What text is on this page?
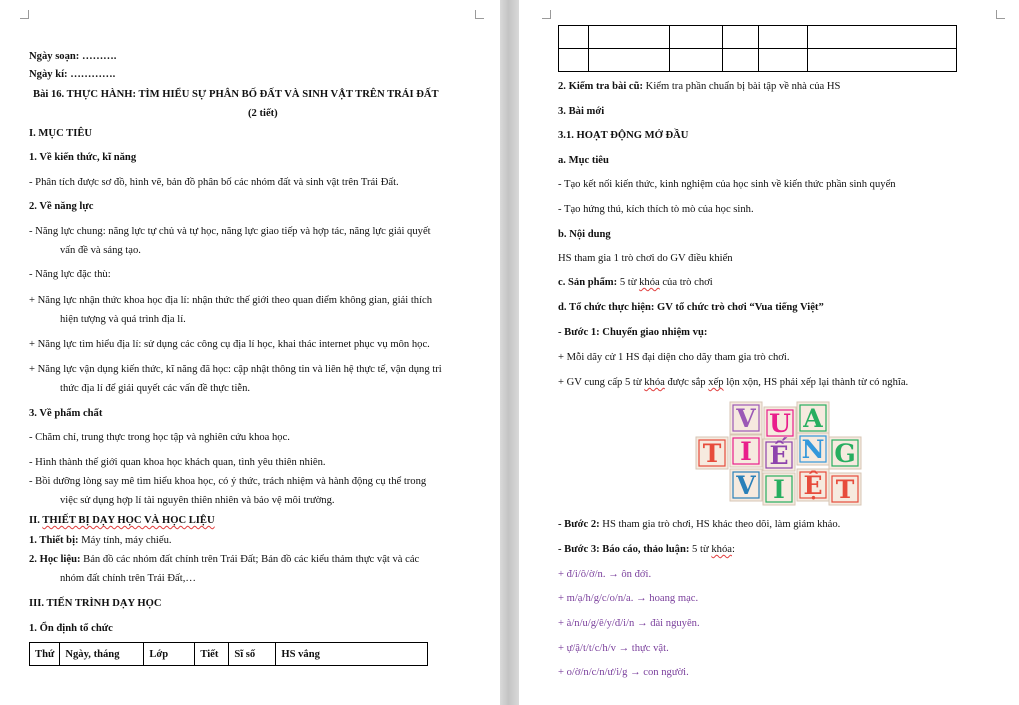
Ngày soạn: ……….
Ngày kí: ………….
Bài 16. THỰC HÀNH: TÌM HIỂU SỰ PHÂN BỐ ĐẤT VÀ SINH VẬT TRÊN TRÁI ĐẤT
(2 tiết)
I. MỤC TIÊU
1. Về kiến thức, kĩ năng
- Phân tích được sơ đồ, hình vẽ, bản đồ phân bố các nhóm đất và sinh vật trên Trái Đất.
2. Về năng lực
- Năng lực chung: năng lực tự chủ và tự học, năng lực giao tiếp và hợp tác, năng lực giải quyết
vấn đề và sáng tạo.
- Năng lực đặc thù:
+ Năng lực nhận thức khoa học địa lí: nhận thức thế giới theo quan điểm không gian, giải thích
hiện tượng và quá trình địa lí.
+ Năng lực tìm hiểu địa lí: sử dụng các công cụ địa lí học, khai thác internet phục vụ môn học.
+ Năng lực vận dụng kiến thức, kĩ năng đã học: cập nhật thông tin và liên hệ thực tế, vận dụng tri
thức địa lí để giải quyết các vấn đề thực tiễn.
3. Về phẩm chất
- Chăm chỉ, trung thực trong học tập và nghiên cứu khoa học.
- Hình thành thế giới quan khoa học khách quan, tình yêu thiên nhiên.
- Bồi dưỡng lòng say mê tìm hiểu khoa học, có ý thức, trách nhiệm và hành động cụ thể trong
việc sử dụng hợp lí tài nguyên thiên nhiên và bảo vệ môi trường.
II. THIẾT BỊ DẠY HỌC VÀ HỌC LIỆU
1. Thiết bị: Máy tính, máy chiếu.
2. Học liệu: Bản đồ các nhóm đất chính trên Trái Đất; Bản đồ các kiểu thảm thực vật và các
nhóm đất chính trên Trái Đất,…
III. TIẾN TRÌNH DẠY HỌC
1. Ổn định tổ chức
Thứ	Ngày, tháng	Lớp	Tiết	Sĩ số	HS vắng

2. Kiểm tra bài cũ: Kiểm tra phần chuẩn bị bài tập về nhà của HS
3. Bài mới
3.1. HOẠT ĐỘNG MỞ ĐẦU
a. Mục tiêu
- Tạo kết nối kiến thức, kinh nghiệm của học sinh về kiến thức phần sinh quyển
- Tạo hứng thú, kích thích tò mò của học sinh.
b. Nội dung
HS tham gia 1 trò chơi do GV điều khiển
c. Sản phẩm: 5 từ khóa của trò chơi
d. Tổ chức thực hiện: GV tổ chức trò chơi “Vua tiếng Việt”
- Bước 1: Chuyển giao nhiệm vụ:
+ Mỗi dãy cử 1 HS đại diện cho dãy tham gia trò chơi.
+ GV cung cấp 5 từ khóa được sắp xếp lộn xộn, HS phải xếp lại thành từ có nghĩa.
- Bước 2: HS tham gia trò chơi, HS khác theo dõi, làm giám khảo.
- Bước 3: Báo cáo, thảo luận: 5 từ khóa:
+ đ/i/ô/ờ/n. → ôn đới.
+ m/ạ/h/g/c/o/n/a. → hoang mạc.
+ à/n/u/g/ê/y/đ/i/n → đài nguyên.
+ ự/ậ/t/t/c/h/v → thực vật.
+ o/ờ/n/c/n/ư/i/g → con người.
V U A
T I Ế N G
V I Ệ T
